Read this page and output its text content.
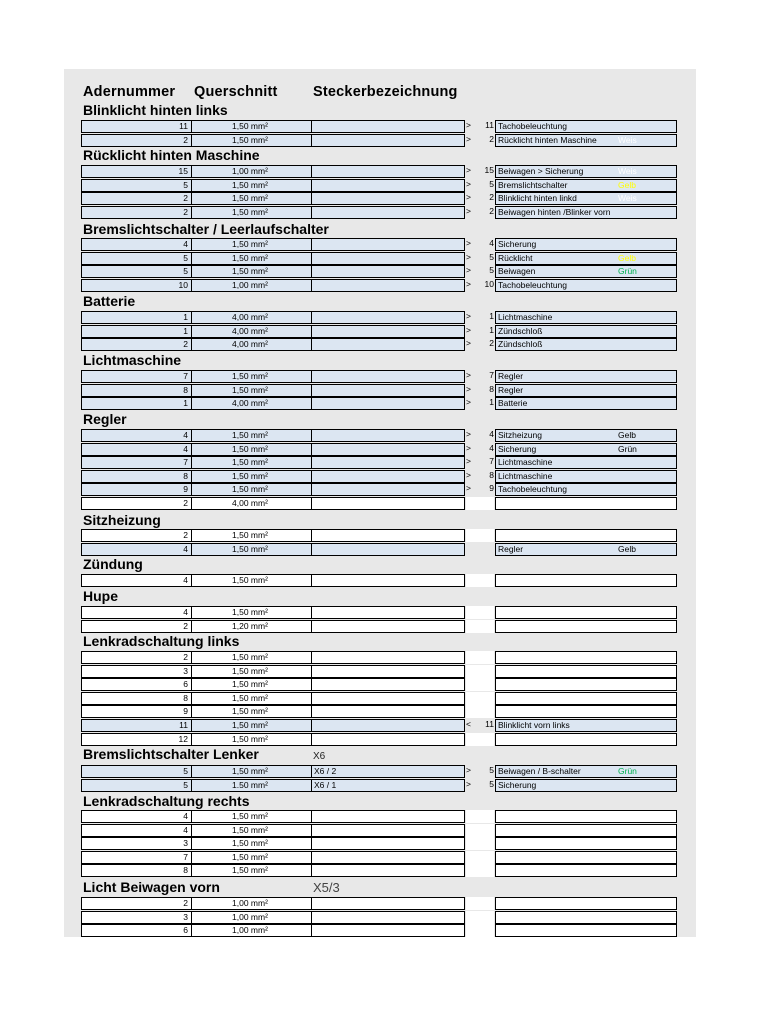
Adernummer Querschnitt Steckerbezeichnung
Blinklicht hinten links
11	1,50 mm²	>	11 Tachobeleuchtung
2	1,50 mm²	>	2 Rücklicht hinten Maschine	Weis
Rücklicht hinten Maschine
15	1,00 mm²	>	15 Beiwagen > Sicherung	Weis
5	1,50 mm²	>	5 Bremslichtschalter	Gelb
2	1,50 mm²	>	2 Blinklicht hinten linkd	Weis
2	1,50 mm²	>	2 Beiwagen hinten /Blinker vorn
Bremslichtschalter / Leerlaufschalter
4	1,50 mm²	>	4 Sicherung
5	1,50 mm²	>	5 Rücklicht	Gelb
5	1,50 mm²	>	5 Beiwagen	Grün
10	1,00 mm²	>	10 Tachobeleuchtung
Batterie
1	4,00 mm²	>	1 Lichtmaschine
1	4,00 mm²	>	1 Zündschloß
2	4,00 mm²	>	2 Zündschloß
Lichtmaschine
7	1,50 mm²	>	7 Regler
8	1,50 mm²	>	8 Regler
1	4,00 mm²	>	1 Batterie
Regler
4	1,50 mm²	>	4 Sitzheizung	Gelb
4	1,50 mm²	>	4 Sicherung	Grün
7	1,50 mm²	>	7 Lichtmaschine
8	1,50 mm²	>	8 Lichtmaschine
9	1,50 mm²	>	9 Tachobeleuchtung
2	4,00 mm²
Sitzheizung
2	1,50 mm²
4	1,50 mm²	Regler	Gelb
Zündung
4	1,50 mm²
Hupe
4	1,50 mm²
2	1,20 mm²
Lenkradschaltung links
2	1,50 mm²
3	1,50 mm²
6	1,50 mm²
8	1,50 mm²
9	1,50 mm²
11	1,50 mm²	<	11 Blinklicht vorn links
12	1,50 mm²
Bremslichtschalter Lenker	X6
5	1,50 mm²	X6 / 2	>	5 Beiwagen / B-schalter	Grün
5	1.50 mm²	X6 / 1	>	5 Sicherung
Lenkradschaltung rechts
4	1,50 mm²
4	1,50 mm²
3	1,50 mm²
7	1,50 mm²
8	1,50 mm²
Licht Beiwagen vorn	X5/3
2	1,00 mm²
3	1,00 mm²
6	1,00 mm²
